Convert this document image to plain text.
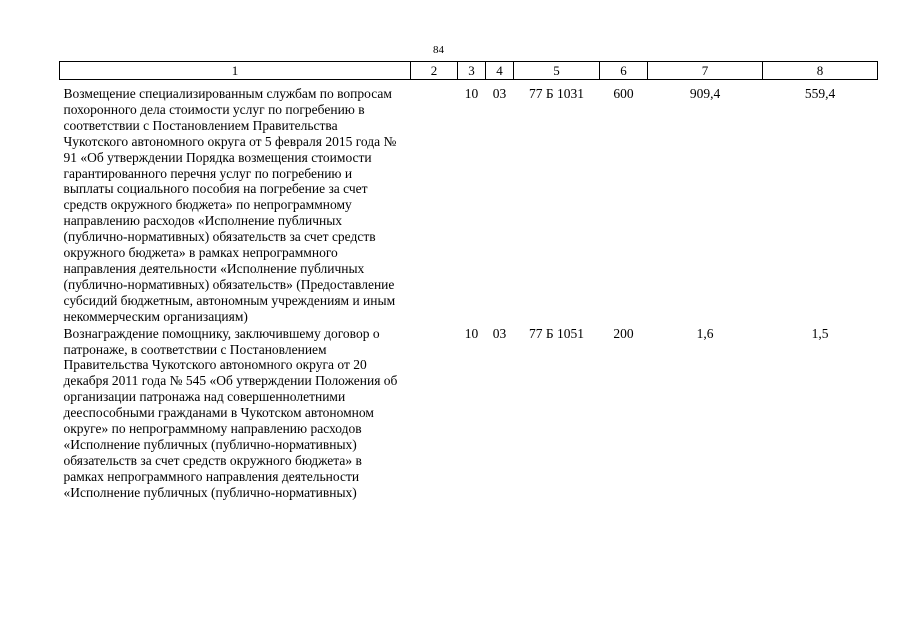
84
1	2	3	4	5	6	7	8
Возмещение специализированным службам по вопросам похоронного дела стоимости услуг по погребению в соответствии с Постановлением Правительства Чукотского автономного округа от 5 февраля 2015 года № 91 «Об утверждении Порядка возмещения стоимости гарантированного перечня услуг по погребению и выплаты социального пособия на погребение за счет средств окружного бюджета» по непрограммному направлению расходов «Исполнение публичных (публично-нормативных) обязательств за счет средств окружного бюджета» в рамках непрограммного направления деятельности «Исполнение публичных (публично-нормативных) обязательств» (Предоставление субсидий бюджетным, автономным учреждениям и иным некоммерческим организациям)		10	03	77 Б 1031	600	909,4	559,4
Вознаграждение помощнику, заключившему договор о патронаже, в соответствии с Постановлением Правительства Чукотского автономного округа от 20 декабря 2011 года № 545 «Об утверждении Положения об организации патронажа над совершеннолетними дееспособными гражданами в Чукотском автономном округе» по непрограммному направлению расходов «Исполнение публичных (публично-нормативных) обязательств за счет средств окружного бюджета» в рамках непрограммного направления деятельности «Исполнение публичных (публично-нормативных)		10	03	77 Б 1051	200	1,6	1,5
